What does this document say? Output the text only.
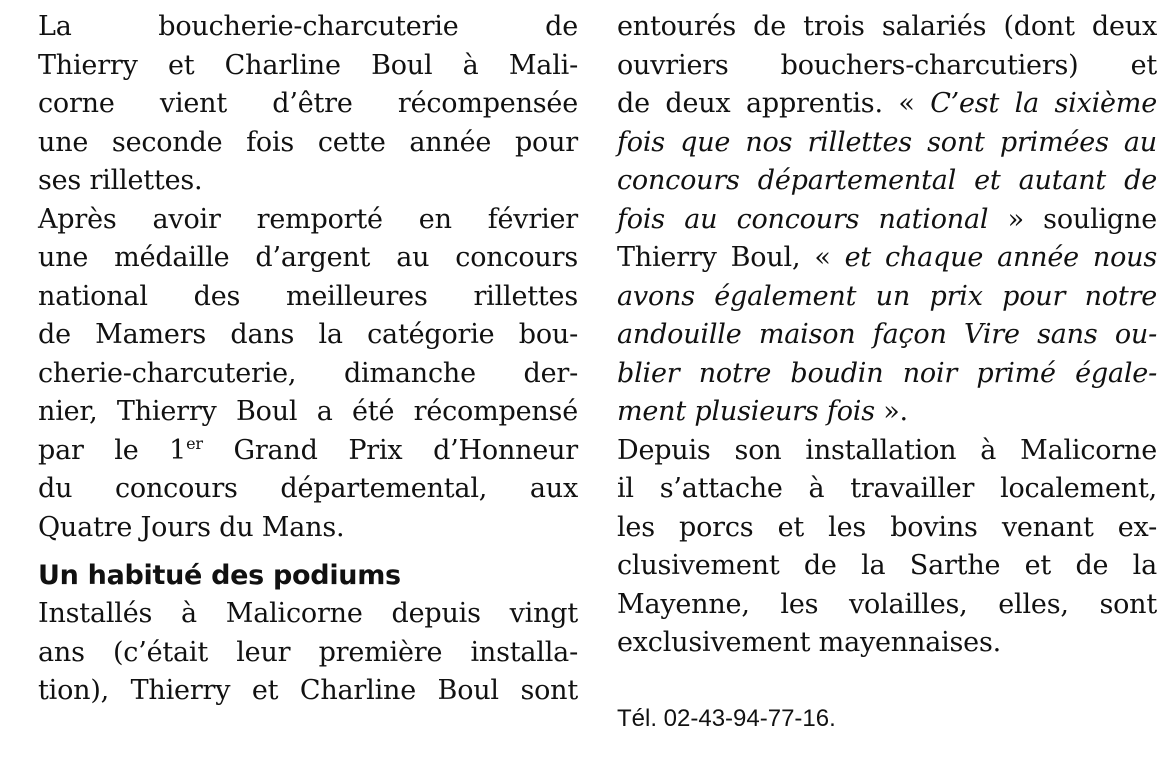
La boucherie-charcuterie de
Thierry et Charline Boul à Mali-
corne vient d’être récompensée
une seconde fois cette année pour
ses rillettes.
Après avoir remporté en février
une médaille d’argent au concours
national des meilleures rillettes
de Mamers dans la catégorie bou-
cherie-charcuterie, dimanche der-
nier, Thierry Boul a été récompensé
par le 1er Grand Prix d’Honneur
du concours départemental, aux
Quatre Jours du Mans.
Un habitué des podiums
Installés à Malicorne depuis vingt
ans (c’était leur première installa-
tion), Thierry et Charline Boul sont
entourés de trois salariés (dont deux
ouvriers bouchers-charcutiers) et
de deux apprentis. « C’est la sixième
fois que nos rillettes sont primées au
concours départemental et autant de
fois au concours national » souligne
Thierry Boul, « et chaque année nous
avons également un prix pour notre
andouille maison façon Vire sans ou-
blier notre boudin noir primé égale-
ment plusieurs fois ».
Depuis son installation à Malicorne
il s’attache à travailler localement,
les porcs et les bovins venant ex-
clusivement de la Sarthe et de la
Mayenne, les volailles, elles, sont
exclusivement mayennaises.
Tél. 02-43-94-77-16.
